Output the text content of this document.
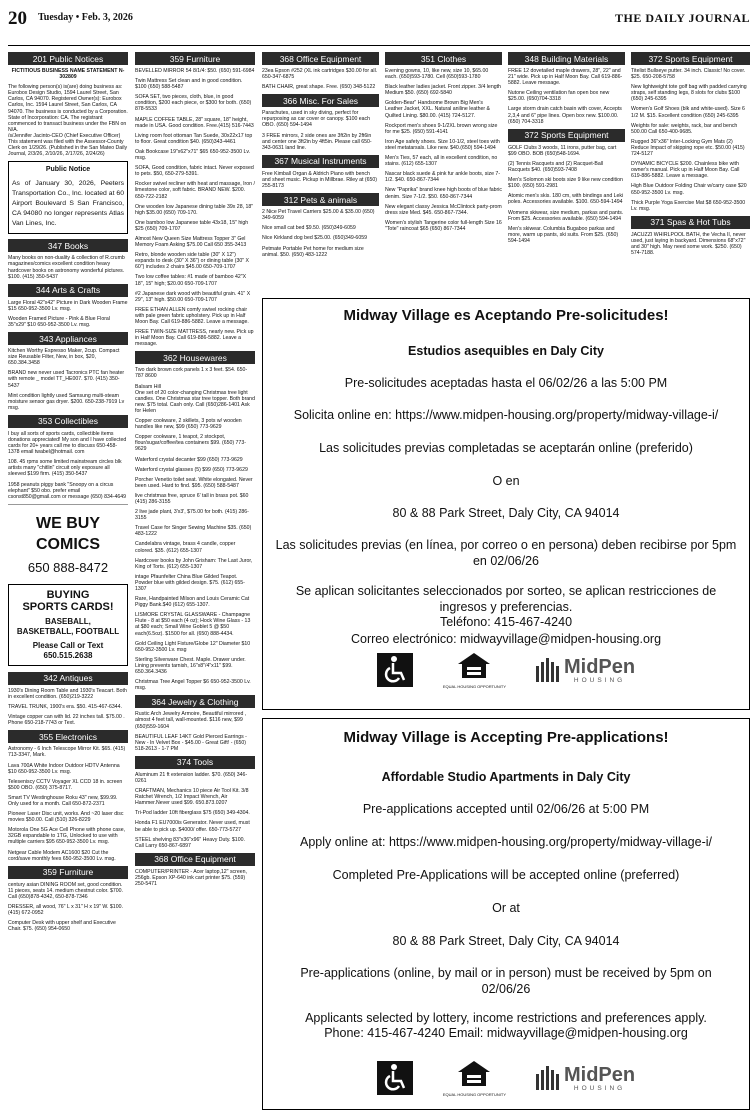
20 Tuesday • Feb. 3, 2026	THE DAILY JOURNAL
201 Public Notices
FICTITIOUS BUSINESS NAME STATEMENT N-302809
The following person(s) is(are) doing business as: Eurobox Design Studio, 1594 Laurel Street, San Carlos, CA 94070. Registered Owner(s): Eurobox Carlos, Inc. 1594 Laurel Street, San Carlos, CA 94070. The business is conducted by a Corporation. State of Incorporation: CA. The registrant commenced to transact business under the FBN on N/A.
/s/Jennifer Jacinto-CEO (Chief Executive Officer)
This statement was filed with the Assessor-County Clerk on 1/29/26. (Published in the San Mateo Daily Journal, 2/3/26, 2/10/26, 2/17/26, 2/24/26)
Public Notice
As of January 30, 2026, Peeters Transportation Co., Inc. located at 60 Airport Boulevard S San Francisco, CA 94080 no longer represents Atlas Van Lines, Inc.
347 Books
Many books on non-duality & collection of R.crumb magazines/comics excellent condition heavy hardcover books on astronomy wonderful pictures. $100. (415) 350-5437
344 Arts & Crafts
Large Floral 42"x42" Picture in Dark Wooden Frame $15 650-952-3500 Lv. msg.
Wooden Framed Picture - Pink & Blue Floral 35"x29" $10 650-952-3500 Lv. msg.
343 Appliances
Kitchen Worthy Espresso Maker, 2cup. Compact size Reusable Filter, New, in box, $20, 650.384.3458
BRAND new never used Tacronics PTC fan heater with remote _ model TT_HE007. $70. (415) 350-5437
Mint condition lightly used Samsung multi-steam moisture sensor gas dryer. $200. 650-238-7919 Lv msg.
353 Collectibles
I buy all sorts of sports cards, collectible items donations appreciated! My son and I have collected cards for 20+ years call me to discuss 650-458-1378 email twabel@hotmail. com
108. 45 rpms some limited mainstream circles blk artists many "chitlin" circuit only exposure all sleeved $199 firm. (415) 350-5437
1958 peanuts piggy bank "Snoopy on a circus elephant" $50 obo. prefer email csonst850@gmail.com or message (650) 834-4649
WE BUY
COMICS
650 888-8472
BUYING
SPORTS CARDS!
BASEBALL,
BASKETBALL, FOOTBALL
Please Call or Text
650.515.2638
342 Antiques
1930's Dining Room Table and 1930's Teacart. Both in excellent condition. (650)219-3222
TRAVEL TRUNK, 1900's era. $50. 415-467-6344.
Vintage copper can with lid. 22 inches tall. $75.00 . Phone 650-218-7743 or Text.
355 Electronics
Astronomy - 6 Inch Telescope Mirror Kit. $65. (415) 713-3347, Mark.
Lava 700A White Indoor Outdoor HDTV Antenna $10 650-952-3500 Lv. msg.
Teleseniscy CCTV Voyager XL CCD 18 in. screen $500 OBO. (650) 375-8717.
Smart TV Westinghouse Roku 43" new, $99.99. Only used for a month. Call 650-872-2371
Pioneer Laser Disc unit, works. And ~20 laser disc movies $50.00. Call (510) 326-8229
Motorola One 5G Ace Cell Phone with phone case, 32GB expandable to 1TG, Unlocked to use with multiple carriers $95 650-952-3500 Lv. msg.
Netgear Cable Modem AC1600 $20 Cut the cord/save monthly fees 650-952-3500 Lv. msg.
359 Furniture
century asian DINING ROOM set, good condition. 11 pieces, seats 14. medium chestnut color. $700. Call (650)878-4342, 650-878-7346
DRESSER, all wood, 76" L x 31" H x 19" W. $100. (415) 672-0952
Computer Desk with upper shelf and Executive Chair. $75. (650) 954-0650
359 Furniture
BEVELLED MIRROR 54 8/1/4: $50. (650) 591-6984
Twin Mattress Set clean and in good condition. $100 (650) 588-5487
SOFA SET, two pieces, cloth, blue, in good condition, $200 each piece, or $300 for both. (650) 878-5533
MAPLE COFFEE TABLE, 28" square, 18" height, made in USA. Good condition. Free.(415) 516-7443
Living room foot ottoman Tan Suede, 30x22x17 top to floor. Great condition $40. (650)343-4461
Oak Bookcase 19"x62"x71" $65 650-952-3500 Lv. msg.
SOFA, Good condition, fabric intact. Never exposed to pets. $50, 650-279-5391.
Rocker swivel recliner with heat and massage, Iron / limestone color, soft fabric. BRAND NEW. $200. 650-722-2182
One wooden low Japanese dining table 39x 28, 18" high $35.00 (650) 709-170.
One bamboo low Japanese table 43x18, 15" high $25 (650) 709-1707
Almost New Queen Size Mattress Topper 3" Gel Memory Foam Asking $75.00 Call 650 355-3413
Retro, blonde wooden side table (30" X 12") expands to desk (30" X 36") or dining table (30" X 60") includes 2 chairs $45.00 650-709-1707
Two low coffee tables: #1 made of bamboo 42"X 18", 15" high; $20.00 650-709-1707
#2 Japanese dark wood with beautiful grain. 41" X 29", 13" high. $50.00 650-709-1707
FREE ETHAN ALLEN comfy swivel rocking chair with pale green fabric upholstery. Pick up in Half Moon Bay. Call 619-886-5882. Leave a message.
FREE TWIN-SIZE MATTRESS, nearly new. Pick up in Half Moon Bay. Call 619-886-5882. Leave a message.
362 Housewares
Two dark brown cork panels 1 x 3 feet. $54. 650-787 8600
Balsam Hill
One set of 20 color-changing Christmas tree light candles. One Christmas star tree topper. Both brand new. $75 total. Cash only. Call (650)286-1401 Ask for Helen
Copper cookware, 2 skillets, 3 pots w/ wooden handles like new, $99 (650) 773-9629
Copper cookware, 1 teapot, 2 stockpot, flour/sugar/coffee/tea containers $99. (650) 773-9629
Waterford crystal decanter $99 (650) 773-9629
Waterford crystal glasses (5) $99 (650) 773-9629
Porcher Venetio toilet seat. White elongated. Never been used. Hard to find. $95. (650) 588-5487
live christmas free, spruce 6' tall in brass pot. $60 (415) 286-3155
2 live jade plant, 3'x3', $75.00 for both. (415) 286-3155
Travel Case for Singer Sewing Machine $35. (650) 483-1222
Candelabra vintage, brass 4 candle, copper colored. $35. (612) 655-1307
Hardcover books by John Grisham: The Last Juror, King of Torts. (612) 655-1307
intage Pfaunfelter China Blue Gilded Teapot. Powder blue with gilded design. $75. (612) 655-1307
Rare, Handpainted Milson and Louis Ceramic Cat Piggy Bank.$40 (612) 655-1307.
LISMORE CRYSTAL GLASSWARE - Champagne Flute - 8 at $50 each (4 oz); Hock Wine Glass - 13 at $80 each; Small Wine Goblet 5 @ $50 each(6.5oz). $1500 for all. (650) 888-4434.
Gold Ceiling Light Fixture/Globe 12" Diameter $10 650-952-3500 Lv. msg
Sterling Silverware Chest. Maple. Drawer under. Lining prevents tarnish, 16"x8"/4"x11" $99. 650.364.3436
Christmas Tree Angel Topper $6 650-952-3500 Lv. msg.
364 Jewelry & Clothing
Rustic Arch Jewelry Armoire, Beautiful mirrored , almost 4 feet tall, wall-mounted. $116 new, $99 (650)559-1604
BEAUTIFUL LEAF 14KT Gold Pierced Earrings - New - In Velvet Box - $45.00 - Great Gift! - (650) 518-2613 - 1-7 PM
374 Tools
Aluminum 21 ft extension ladder. $70. (650) 346-0261
CRAFTMAN, Mechanics 10 piece Air Tool Kit. 3/8 Ratchet Wrench, 1/2 Impact Wrench, Air Hammer.Never used $99. 650.873.0207
Tri-Pod ladder 10ft fiberglass $75 (650) 349-4304.
Honda F1 EU7000is Generator. Never used, must be able to pick up. $4000/ offer. 650-773-5727
STEEL shelving 83"x36"x96" Heavy Duty. $100. Call Larry 650-867-6897
368 Office Equipment
COMPUTER/PRINTER - Acer laptop,12" screen, 256gb. Epson XP-640 ink cart printer $75. (559) 250-5471
368 Office Equipment
23ea Epson #252 (XL ink cartridges $30.00 for all. 650-347-6875
BATH CHAIR, great shape. Free. (650) 348-5122
366 Misc. For Sales
Parachutes, used in sky diving, perfect for repurposing as car cover or canopy. $100 each OBO. (650) 594-1494
3 FREE mirrors, 2 side ones are 3ft2in by 2ft6in and center one 3ft2in by 4ft5in. Please call 650-343-0631 land line.
367 Musical Instruments
Free Kimball Organ & Aldrich Piano with bench and sheet music. Pickup in Millbrae. Riley at (650) 255-8173
312 Pets & animals
2 Nice Pet Travel Carriers $25.00 & $35.00 (650) 349-6059
Nice small cat bed $9.50. (650)349-6059
Nice Kirkland dog bed $25.00. (650)349-6059
Petmate Portable Pet home for medium size animal. $50. (650) 483-1222
351 Clothes
Evening gowns, 10, like new, size 10, $65.00 each. (650)593-1780. Cell (650)593-1780
Black leather ladies jacket. Front zipper. 3/4 length Medium $50. (650) 692-5840
Golden-Bear" Handsome Brown Big Men's Leather Jacket, XXL. Natural aniline leather & Quilted Lining. $80.00. (415) 724-5127.
Rockport men's shoes 9-1/2XL brown wrong size for me $25. (650) 591-4141
Iron Age safety shoes. Size 10-1/2, steel toes with steel metatarsals. Like new. $40.(650) 594-1494
Men's Ties, 57 each, all in excellent condition, no stains. (612) 655-1307
Nascar black suede & pink fur ankle boots, size 7-1/2. $40. 650-867-7344
New "Paprika" brand knee high boots of blue fabric denim. Size 7-1/2. $50. 650-867-7344
New elegant classy Jessica McClintock party-prom dress size Med. $45. 650-867-7344.
Women's stylish Tangerine color full-length Size 16 "Tote" raincoat $65 (650) 867-7344
348 Building Materials
FREE 12 dovetailed maple drawers, 28", 22" and 21" wide. Pick up in Half Moon Bay. Call 619-886-5882. Leave message.
Nutone Ceiling ventilation fan open box new $25.00. (650)704-3318
Large storm drain catch basin with cover, Accepts 2,3,4 and 6" pipe lines. Open box new. $100.00. (650) 704-3318
372 Sports Equipment
GOLF Clubs 3 woods, 11 irons, putter bag, cart $99 OBO. BOB (650)548-1694.
(2) Tennis Racquets and (2) Racquet-Ball Racquets $40. (650)593-7408
Men's Solomon ski boots size 9 like new condition $100. (650) 591-2981
Atomic men's skis. 180 cm, with bindings and Leki poles. Accessories available. $100. 650-594-1494
Womens skiwear, size medium, parkas and pants. From $25. Accessories available. (650) 594-1494
Men's skiwear. Columbia Bugaboo parkas and more, warm up pants, ski suits. From $25. (650) 594-1494
372 Sports Equipment
Titelist Bullseye putter. 34 inch. Classic! No cover. $25. 650-208-5758
New lightweight tote golf bag with padded carrying straps, self standing legs, 8 slots for clubs $100 (650) 245-6395
Women's Golf Shoes (blk and white-used). Size 6 1/2 M. $15. Excellent condition (650) 245-6395
Weights for sale: weights, rack, bar and bench 500.00 Call 650-400-9685.
Rugged 36"x36" Inter-Locking Gym Mats (2) Reduce Impact of skipping rope etc. $50.00 (415) 724-5127
DYNAMIC BICYCLE $200. Chainless bike with owner's manual. Pick up in Half Moon Bay. Call 619-886-5882. Leave a message.
High Blue Outdoor Folding Chair w/carry case $20 650-952-3500 Lv. msg.
Thick Purple Yoga Exercise Mat $8 650-952-3500 Lv. msg.
371 Spas & Hot Tubs
JACUZZI WHIRLPOOL BATH, the Vecha II, never used, just laying in backyard. Dimensions 68"x72" and 30" high. May need some work. $250. (650) 574-7188.
Midway Village es Aceptando Pre-solicitudes!
Estudios asequibles en Daly City

Pre-solicitudes aceptadas hasta el 06/02/26 a las 5:00 PM

Solicita online en: https://www.midpen-housing.org/property/midway-village-i/

Las solicitudes previas completadas se aceptarán online (preferido)

O en

80 & 88 Park Street, Daly City, CA 94014

Las solicitudes previas (en línea, por correo o en persona) deben recibirse por 5pm en 02/06/26

Se aplican solicitantes seleccionados por sorteo, se aplican restricciones de ingresos y preferencias.

Teléfono: 415-467-4240

Correo electrónico: midwayvillage@midpen-housing.org

EQUAL HOUSING OPPORTUNITY
MidPen
HOUSING
Midway Village is Accepting Pre-applications!
Affordable Studio Apartments in Daly City

Pre-applications accepted until 02/06/26 at 5:00 PM

Apply online at: https://www.midpen-housing.org/property/midway-village-i/

Completed Pre-Applications will be accepted online (preferred)

Or at

80 & 88 Park Street, Daly City, CA 94014

Pre-applications (online, by mail or in person) must be received by 5pm on 02/06/26

Applicants selected by lottery, income restrictions and preferences apply.

Phone: 415-467-4240 Email: midwayvillage@midpen-housing.org

EQUAL HOUSING OPPORTUNITY
MidPen
HOUSING
